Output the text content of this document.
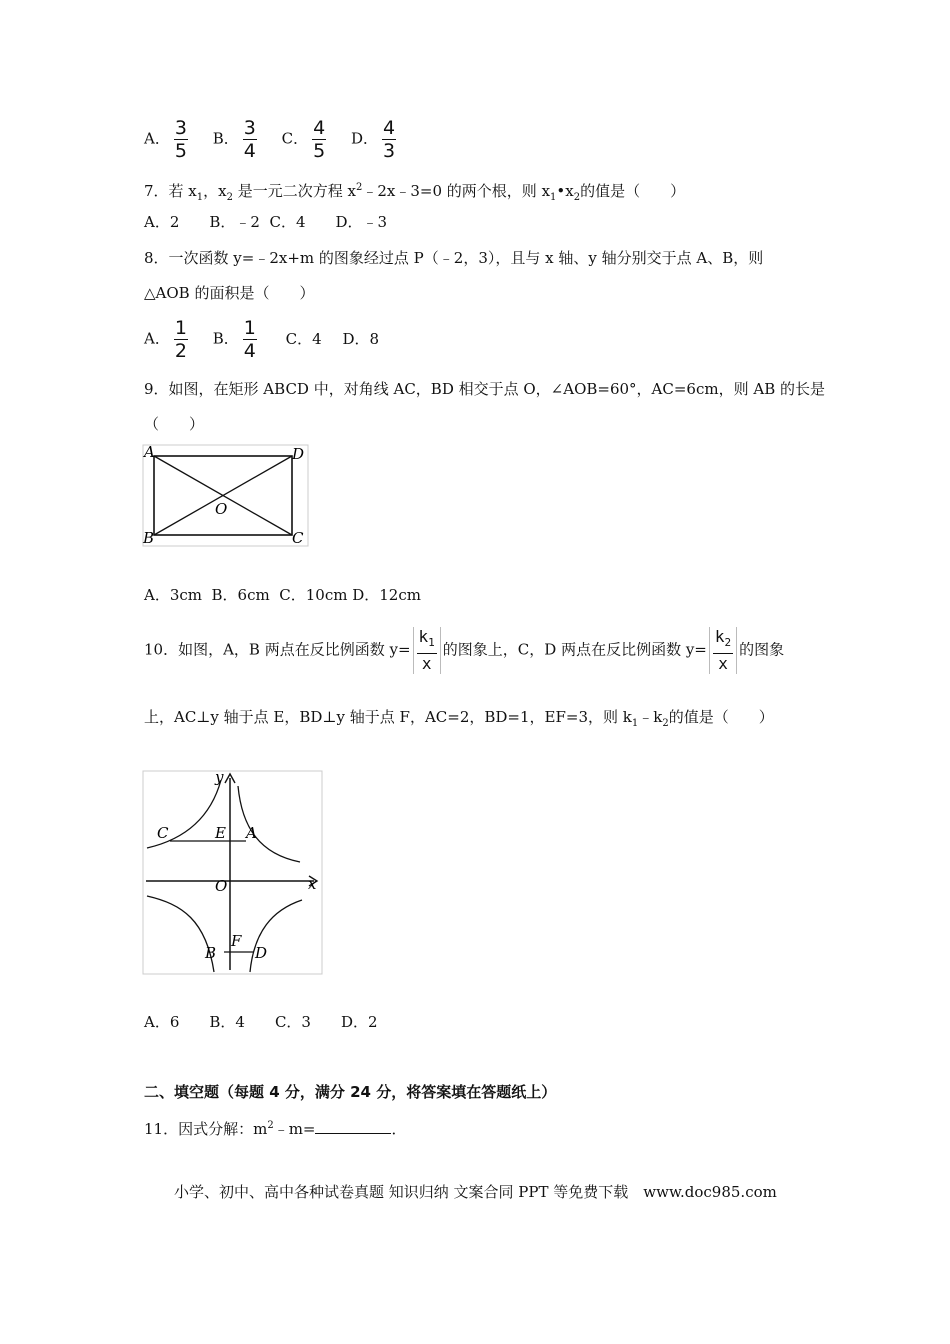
A． $\frac{3}{5}$ B． $\frac{3}{4}$ C． $\frac{4}{5}$ D． $\frac{4}{3}$
7．若 $x_1$，$x_2$ 是一元二次方程 $x^2﹣2x﹣3=0$ 的两个根，则 $x_1•x_2$的值是（　　）
A．2　　B．﹣2  C．4　　D．﹣3
8．一次函数 y=﹣2x+m 的图象经过点 P（﹣2，3），且与 x 轴、y 轴分别交于点 A、B，则
△AOB 的面积是（　　）
A． $\frac{1}{2}$ B． $\frac{1}{4}$ C．4 D．8
9．如图，在矩形 ABCD 中，对角线 AC，BD 相交于点 O，∠AOB=60°，AC=6cm，则 AB 的长是
（　　）
A	D
O
B	C
A．3cm  B．6cm  C．10cm D．12cm
10．如图，A，B 两点在反比例函数 $y= \frac{k_1}{x}$ 的图象上，C，D 两点在反比例函数 $y= \frac{k_2}{x}$ 的图象
上，AC⊥y 轴于点 E，BD⊥y 轴于点 F，AC=2，BD=1，EF=3，则 $k_1﹣k_2$的值是（　　）
y
x
C	E A
O
B
F
D
A．6　　B．4　　C．3　　D．2
二、填空题（每题 4 分，满分 24 分，将答案填在答题纸上）
11．因式分解：$m^2﹣m=$	．
小学、初中、高中各种试卷真题 知识归纳 文案合同 PPT 等免费下载　www.doc985.com
